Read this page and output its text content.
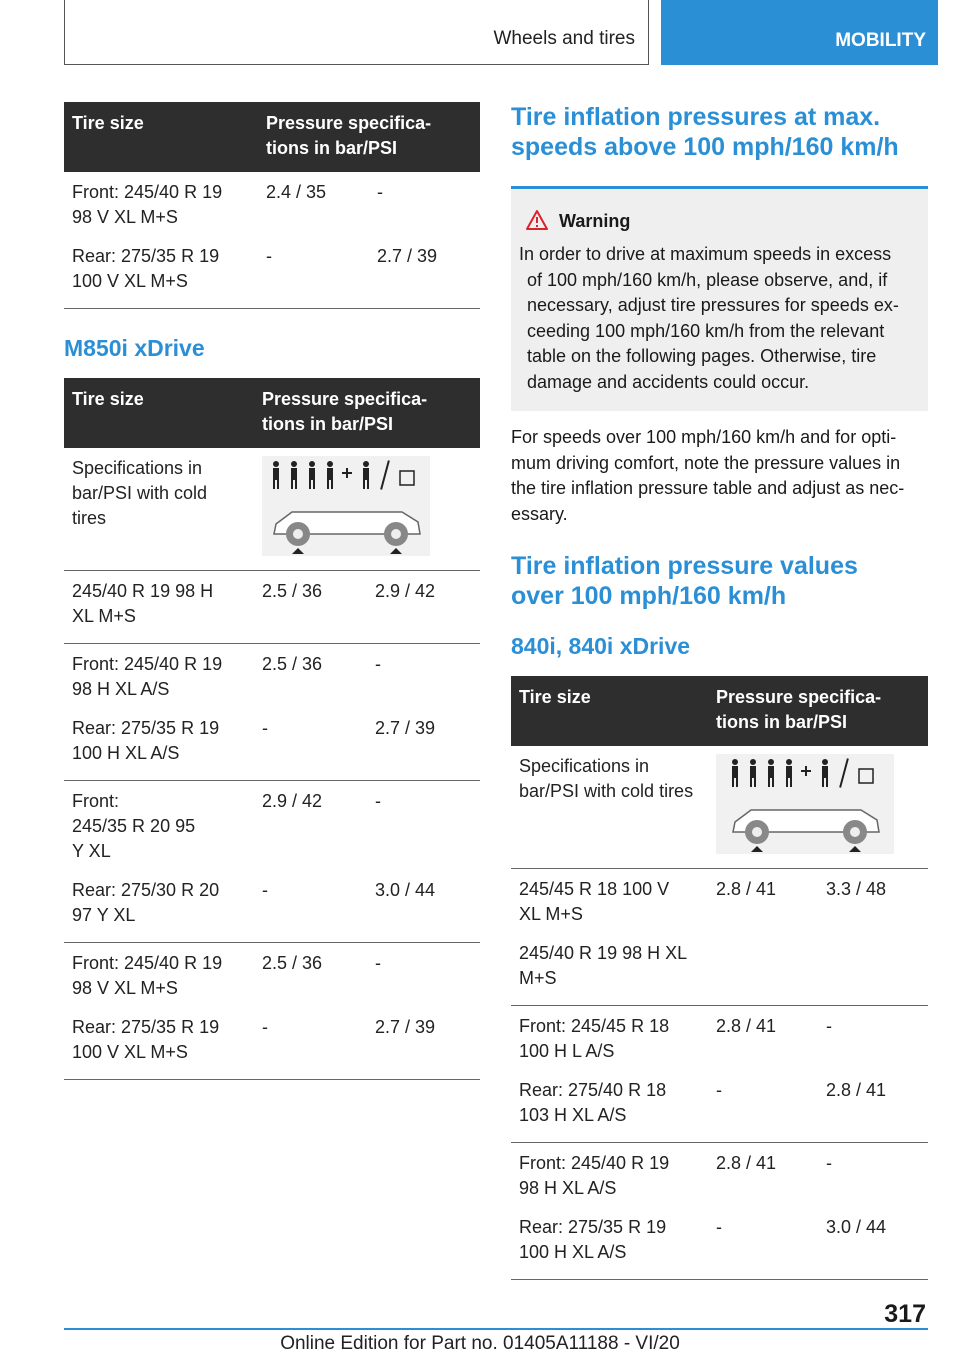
Wheels and tires	MOBILITY
Tire size	Pressure specifica-
tions in bar/PSI	
Front: 245/40 R 19
98 V XL M+S	2.4 / 35	-
Rear: 275/35 R 19
100 V XL M+S	-	2.7 / 39
M850i xDrive
Tire size	Pressure specifica-
tions in bar/PSI	
Specifications in
bar/PSI with cold
tires	

245/40 R 19 98 H
XL M+S	2.5 / 36	2.9 / 42
Front: 245/40 R 19
98 H XL A/S	2.5 / 36	-
Rear: 275/35 R 19
100 H XL A/S	-	2.7 / 39
Front:
245/35 R 20 95
Y XL	2.9 / 42	-
Rear: 275/30 R 20
97 Y XL	-	3.0 / 44
Front: 245/40 R 19
98 V XL M+S	2.5 / 36	-
Rear: 275/35 R 19
100 V XL M+S	-	2.7 / 39
Tire inflation pressures at max.
speeds above 100 mph/160 km/h
Warning
In order to drive at maximum speeds in excess
of 100 mph/160 km/h, please observe, and, if
necessary, adjust tire pressures for speeds ex-
ceeding 100 mph/160 km/h from the relevant
table on the following pages. Otherwise, tire
damage and accidents could occur.
For speeds over 100 mph/160 km/h and for opti-
mum driving comfort, note the pressure values in
the tire inflation pressure table and adjust as nec-
essary.
Tire inflation pressure values
over 100 mph/160 km/h
840i, 840i xDrive
Tire size	Pressure specifica-
tions in bar/PSI	
Specifications in
bar/PSI with cold tires	

245/45 R 18 100 V
XL M+S	2.8 / 41	3.3 / 48
245/40 R 19 98 H XL
M+S		
Front: 245/45 R 18
100 H L A/S	2.8 / 41	-
Rear: 275/40 R 18
103 H XL A/S	-	2.8 / 41
Front: 245/40 R 19
98 H XL A/S	2.8 / 41	-
Rear: 275/35 R 19
100 H XL A/S	-	3.0 / 44
317
Online Edition for Part no. 01405A11188 - VI/20
